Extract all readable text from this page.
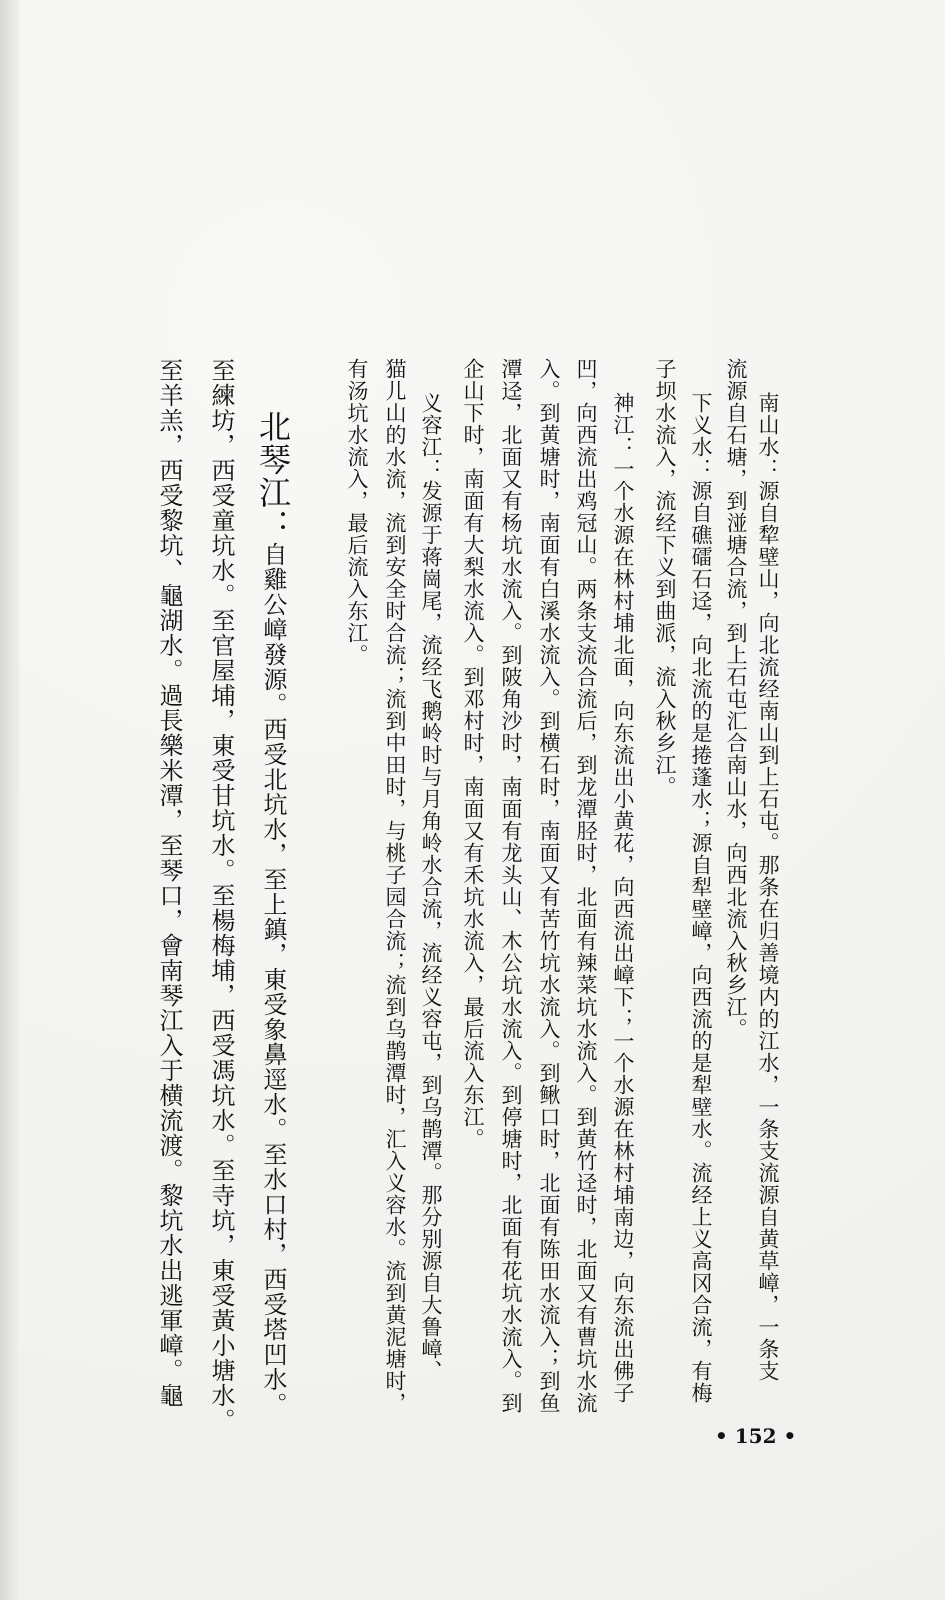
南山水：源自犂壁山，向北流经南山到上石屯。那条在归善境内的江水，一条支流源自黄草嶂，一条支
流源自石塘，到湴塘合流，到上石屯汇合南山水，向西北流入秋乡江。
下义水：源自礁礌石迳，向北流的是捲蓬水；源自犁壁嶂，向西流的是犁壁水。流经上义高冈合流，有梅
子坝水流入，流经下义到曲派，流入秋乡江。
神江：一个水源在林村埔北面，向东流出小黄花，向西流出嶂下；一个水源在林村埔南边，向东流出佛子
凹，向西流出鸡冠山。两条支流合流后，到龙潭胫时，北面有辣菜坑水流入。到黄竹迳时，北面又有曹坑水流
入。到黄塘时，南面有白溪水流入。到横石时，南面又有苦竹坑水流入。到鳅口时，北面有陈田水流入；到鱼
潭迳，北面又有杨坑水流入。到陂角沙时，南面有龙头山、木公坑水流入。到停塘时，北面有花坑水流入。到
企山下时，南面有大梨水流入。到邓村时，南面又有禾坑水流入，最后流入东江。
义容江：发源于蒋崗尾，流经飞鹅岭时与月角岭水合流，流经义容屯，到乌鹊潭。那分别源自大鲁嶂、
猫儿山的水流，流到安全时合流；流到中田时，与桃子园合流；流到乌鹊潭时，汇入义容水。流到黄泥塘时，
有汤坑水流入，最后流入东江。
北琴江：自雞公嶂發源。西受北坑水，至上鎮，東受象鼻逕水。至水口村，西受塔凹水。
至練坊，西受童坑水。至官屋埔，東受甘坑水。至楊梅埔，西受馮坑水。至寺坑，東受黃小塘水。
至羊羔，西受黎坑、龜湖水。過長樂米潭，至琴口，會南琴江入于横流渡。黎坑水出逃軍嶂。龜
• 152 •
